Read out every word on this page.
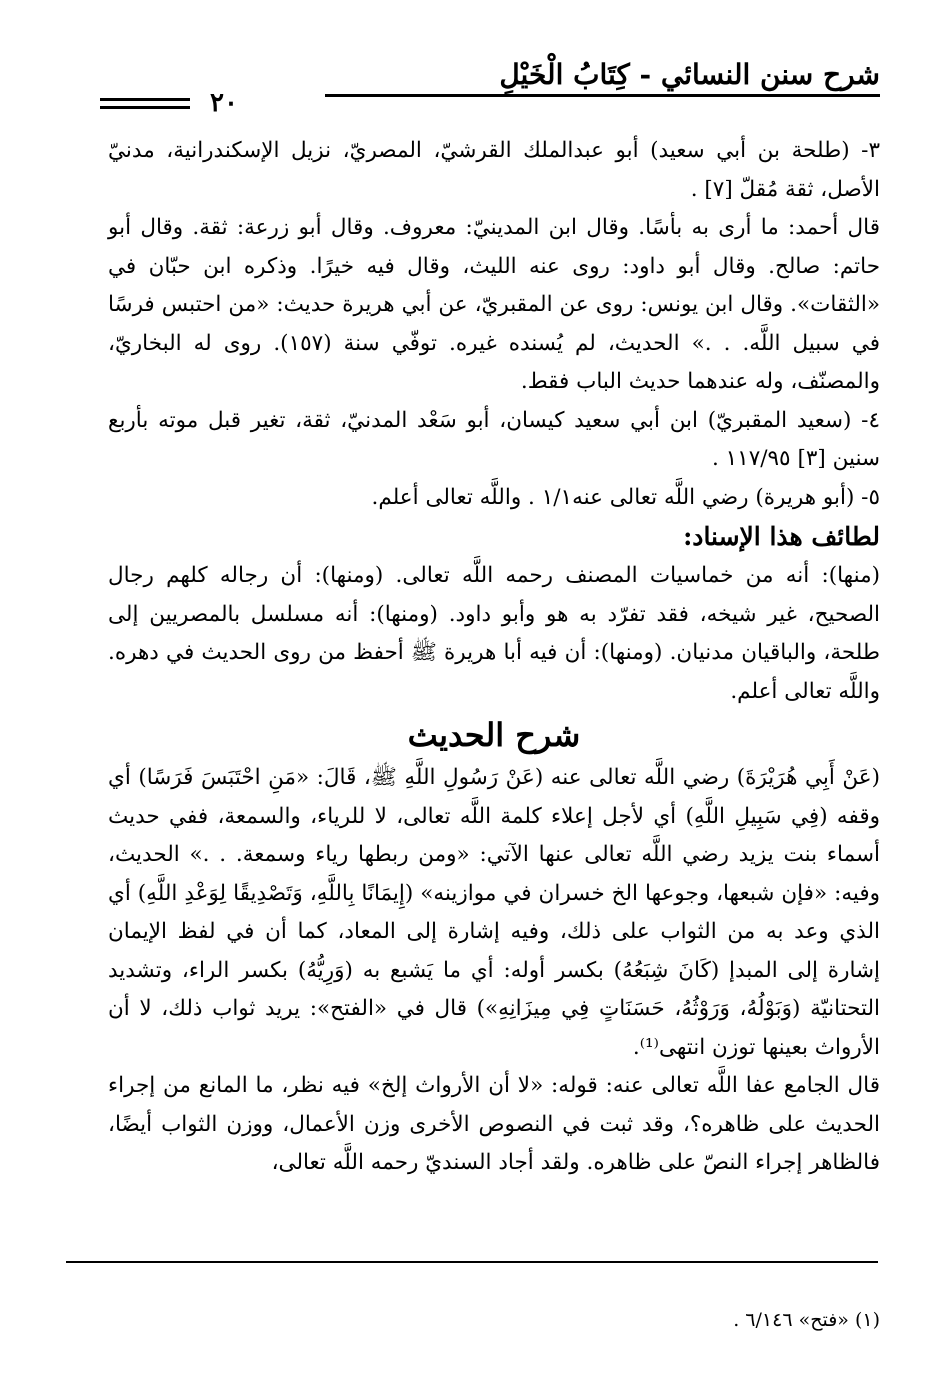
شرح سنن النسائي - كِتَابُ الْخَيْلِ
٢٠

٣- (طلحة بن أبي سعيد) أبو عبدالملك القرشيّ، المصريّ، نزيل الإسكندرانية، مدنيّ الأصل، ثقة مُقلّ [٧] .

قال أحمد: ما أرى به بأسًا. وقال ابن المدينيّ: معروف. وقال أبو زرعة: ثقة. وقال أبو حاتم: صالح. وقال أبو داود: روى عنه الليث، وقال فيه خيرًا. وذكره ابن حبّان في «الثقات». وقال ابن يونس: روى عن المقبريّ، عن أبي هريرة حديث: «من احتبس فرسًا في سبيل اللَّه. . .» الحديث، لم يُسنده غيره. توفّي سنة (١٥٧). روى له البخاريّ، والمصنّف، وله عندهما حديث الباب فقط.

٤- (سعيد المقبريّ) ابن أبي سعيد كيسان، أبو سَعْد المدنيّ، ثقة، تغير قبل موته بأربع سنين [٣] ١١٧/٩٥ .

٥- (أبو هريرة) رضي اللَّه تعالى عنه١/١ . واللَّه تعالى أعلم.

لطائف هذا الإسناد:

(منها): أنه من خماسيات المصنف رحمه اللَّه تعالى. (ومنها): أن رجاله كلهم رجال الصحيح، غير شيخه، فقد تفرّد به هو وأبو داود. (ومنها): أنه مسلسل بالمصريين إلى طلحة، والباقيان مدنيان. (ومنها): أن فيه أبا هريرة ﷺ أحفظ من روى الحديث في دهره. واللَّه تعالى أعلم.

شرح الحديث

(عَنْ أَبِي هُرَيْرَةَ) رضي اللَّه تعالى عنه (عَنْ رَسُولِ اللَّهِ ﷺ، قَالَ: «مَنِ احْتَبَسَ فَرَسًا) أي وقفه (فِي سَبِيلِ اللَّهِ) أي لأجل إعلاء كلمة اللَّه تعالى، لا للرياء، والسمعة، ففي حديث أسماء بنت يزيد رضي اللَّه تعالى عنها الآتي: «ومن ربطها رياء وسمعة. . .» الحديث، وفيه: «فإن شبعها، وجوعها الخ خسران في موازينه» (إِيمَانًا بِاللَّهِ، وَتَصْدِيقًا لِوَعْدِ اللَّهِ) أي الذي وعد به من الثواب على ذلك، وفيه إشارة إلى المعاد، كما أن في لفظ الإيمان إشارة إلى المبدإ (كَانَ شِبَعُهُ) بكسر أوله: أي ما يَشبع به (وَرِيُّهُ) بكسر الراء، وتشديد التحتانيّة (وَبَوْلُهُ، وَرَوْثُهُ، حَسَنَاتٍ فِي مِيزَانِهِ») قال في «الفتح»: يريد ثواب ذلك، لا أن الأرواث بعينها توزن انتهى⁽¹⁾.

قال الجامع عفا اللَّه تعالى عنه: قوله: «لا أن الأرواث إلخ» فيه نظر، ما المانع من إجراء الحديث على ظاهره؟، وقد ثبت في النصوص الأخرى وزن الأعمال، ووزن الثواب أيضًا، فالظاهر إجراء النصّ على ظاهره. ولقد أجاد السنديّ رحمه اللَّه تعالى،

(١) «فتح» ٦/١٤٦ .
